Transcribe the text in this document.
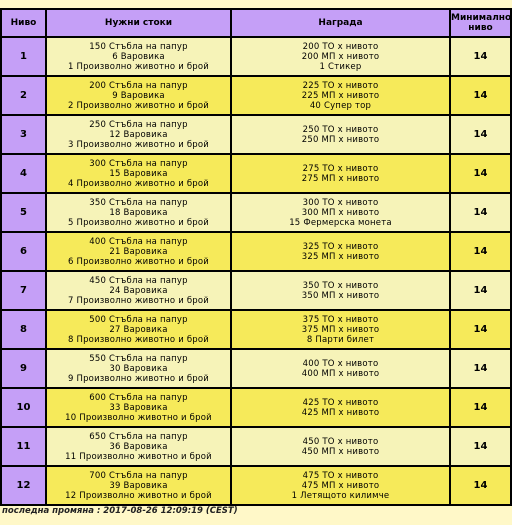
Ниво	Нужни стоки	Награда	Минимално
ниво

1	150 Стъбла на папур
6 Варовика
1 Произволно животно и брой	200 ТО х нивото
200 МП х нивото
1 Стикер	14
2	200 Стъбла на папур
9 Варовика
2 Произволно животно и брой	225 ТО х нивото
225 МП х нивото
40 Супер тор	14
3	250 Стъбла на папур
12 Варовика
3 Произволно животно и брой	250 ТО х нивото
250 МП х нивото	14
4	300 Стъбла на папур
15 Варовика
4 Произволно животно и брой	275 ТО х нивото
275 МП х нивото	14
5	350 Стъбла на папур
18 Варовика
5 Произволно животно и брой	300 ТО х нивото
300 МП х нивото
15 Фермерска монета	14
6	400 Стъбла на папур
21 Варовика
6 Произволно животно и брой	325 ТО х нивото
325 МП х нивото	14
7	450 Стъбла на папур
24 Варовика
7 Произволно животно и брой	350 ТО х нивото
350 МП х нивото	14
8	500 Стъбла на папур
27 Варовика
8 Произволно животно и брой	375 ТО х нивото
375 МП х нивото
8 Парти билет	14
9	550 Стъбла на папур
30 Варовика
9 Произволно животно и брой	400 ТО х нивото
400 МП х нивото	14
10	600 Стъбла на папур
33 Варовика
10 Произволно животно и брой	425 ТО х нивото
425 МП х нивото	14
11	650 Стъбла на папур
36 Варовика
11 Произволно животно и брой	450 ТО х нивото
450 МП х нивото	14
12	700 Стъбла на папур
39 Варовика
12 Произволно животно и брой	475 ТО х нивото
475 МП х нивото
1 Летящото килимче	14
последна промяна : 2017-08-26 12:09:19 (CEST)
